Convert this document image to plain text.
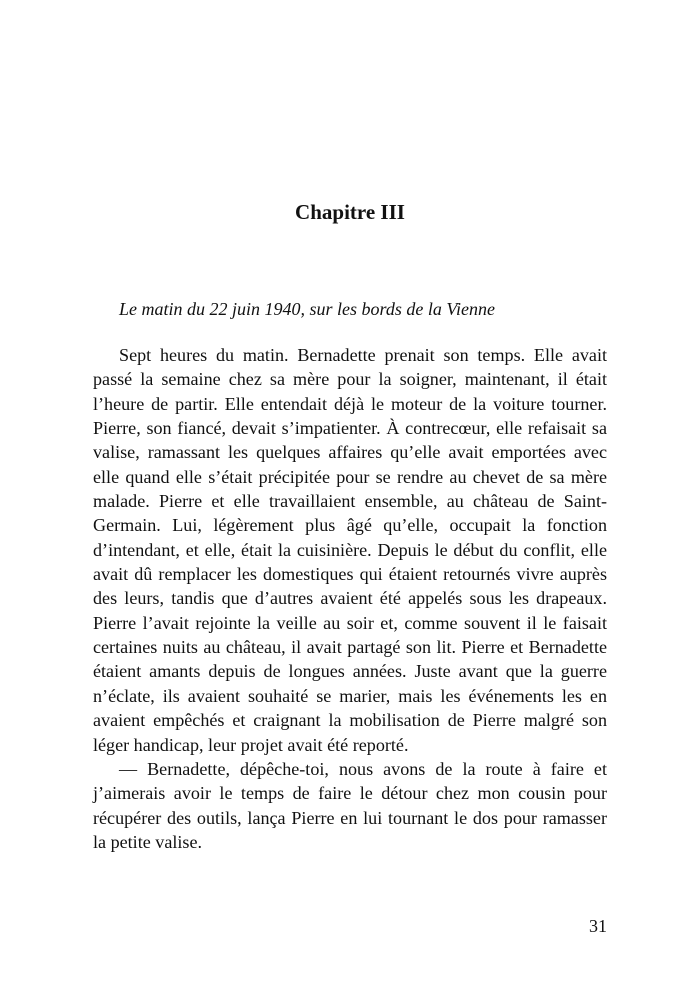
Chapitre III
Le matin du 22 juin 1940, sur les bords de la Vienne

Sept heures du matin. Bernadette prenait son temps. Elle avait passé la semaine chez sa mère pour la soigner, maintenant, il était l’heure de partir. Elle entendait déjà le moteur de la voiture tourner. Pierre, son fiancé, devait s’impatienter. À contrecœur, elle refaisait sa valise, ramassant les quelques affaires qu’elle avait emportées avec elle quand elle s’était précipitée pour se rendre au chevet de sa mère malade. Pierre et elle travaillaient ensemble, au château de Saint-Germain. Lui, légèrement plus âgé qu’elle, occupait la fonction d’intendant, et elle, était la cuisinière. Depuis le début du conflit, elle avait dû remplacer les domestiques qui étaient retournés vivre auprès des leurs, tandis que d’autres avaient été appelés sous les drapeaux. Pierre l’avait rejointe la veille au soir et, comme souvent il le faisait certaines nuits au château, il avait partagé son lit. Pierre et Bernadette étaient amants depuis de longues années. Juste avant que la guerre n’éclate, ils avaient souhaité se marier, mais les événements les en avaient empêchés et craignant la mobilisation de Pierre malgré son léger handicap, leur projet avait été reporté.

— Bernadette, dépêche-toi, nous avons de la route à faire et j’aimerais avoir le temps de faire le détour chez mon cousin pour récupérer des outils, lança Pierre en lui tournant le dos pour ramasser la petite valise.

31
